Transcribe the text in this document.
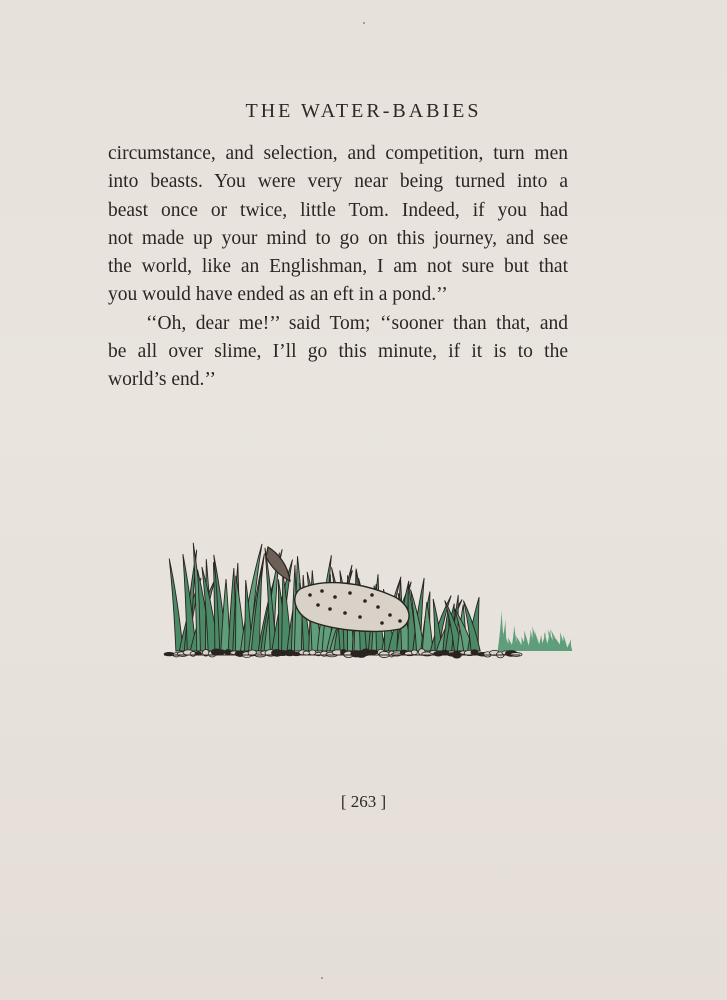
THE WATER-BABIES
circumstance, and selection, and competition, turn men
into beasts. You were very near being turned into a
beast once or twice, little Tom. Indeed, if you had
not made up your mind to go on this journey, and see
the world, like an Englishman, I am not sure but that
you would have ended as an eft in a pond.’’
‘‘Oh, dear me!’’ said Tom; ‘‘sooner than that, and
be all over slime, I’ll go this minute, if it is to the
world’s end.’’
[ 263 ]
